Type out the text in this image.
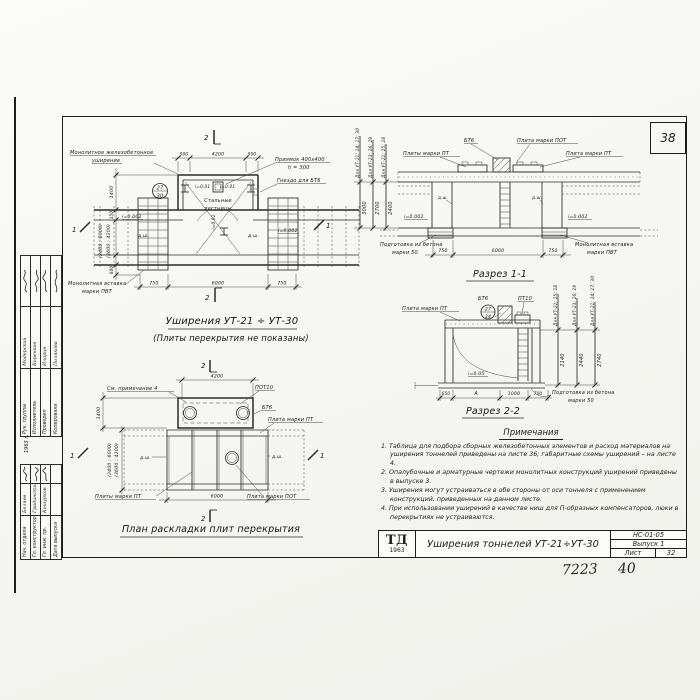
38
27
30
900	4200	900
1400
350
(2400 ; 6000) (3600 ; 4200)
600
750	6000	750
2
2
1	1
Монолитное железобетонное
уширение	Приямок 400х400
h = 300
Гнездо для БТ6
Стальные
лестницы
Монолитная вставка
марки ПВТ
i=0.002
i=0.002
i=0.01 i=0.01
i=0.02
д.ш.	д.ш.
Уширения УТ-21 ÷ УТ-30
(Плиты перекрытия не показаны)
Для УТ-21; 24; 27; 30 Для УТ-23; 26; 29 Для УТ-22; 25; 28
3000 2700 2400
Плиты марки ПТ
БТ6	Плита марки ПОТ
Плита марки ПТ
д.ш.	д.ш.
i=0.002	i=0.002
Подготовка из бетона
марки 50
Монолитная вставка
марки ПВТ
750	6000	750
Разрез 1-1
27
34
Плита марки ПТ
БТ6	ПТ10
i=0.05
Подготовка из бетона
марки 50
650	А	1000	700
Для УТ-22; 25; 28	Для УТ-23; 26; 29	Для УТ-21; 24; 27; 30
2140	2440 2740
Разрез 2-2
4200
1400
(2400 ; 6000) (3600 ; 4200)
6000
2
2
1	1
См. примечание 4	ПОТ10
БТ6
Плита марки ПТ
д.ш.	д.ш.
Плиты марки ПТ	Плита марки ПОТ
План раскладки плит перекрытия
Примечания
1. Таблица для подбора сборных железобетонных элементов и расход материалов на уширения тоннелей приведены на листе 36; габаритные схемы уширений – на листе 4.
2. Опалубочные и арматурные чертежи монолитных конструкций уширений приведены в выпуске 3.
3. Уширения могут устраиваться в обе стороны от оси тоннеля с применением конструкций, приведенных на данном листе.
4. При использовании уширений в качестве ниш для П-образных компенсаторов, люки в перекрытиях не устраиваются.
ТД
1963
Уширения тоннелей УТ-21÷УТ-30
НС-01-05
Выпуск 1
Лист	32
7223 40
Рук. группы
Модерский
Исполнитель
Коренков
Проверил
Иларин
Копировала
Полякова
1963 г.
Нач. отдела
Беляев
Гл. конструктор
Градинский
Гл. инж. пр.
Кошурков
Дата выпуска
